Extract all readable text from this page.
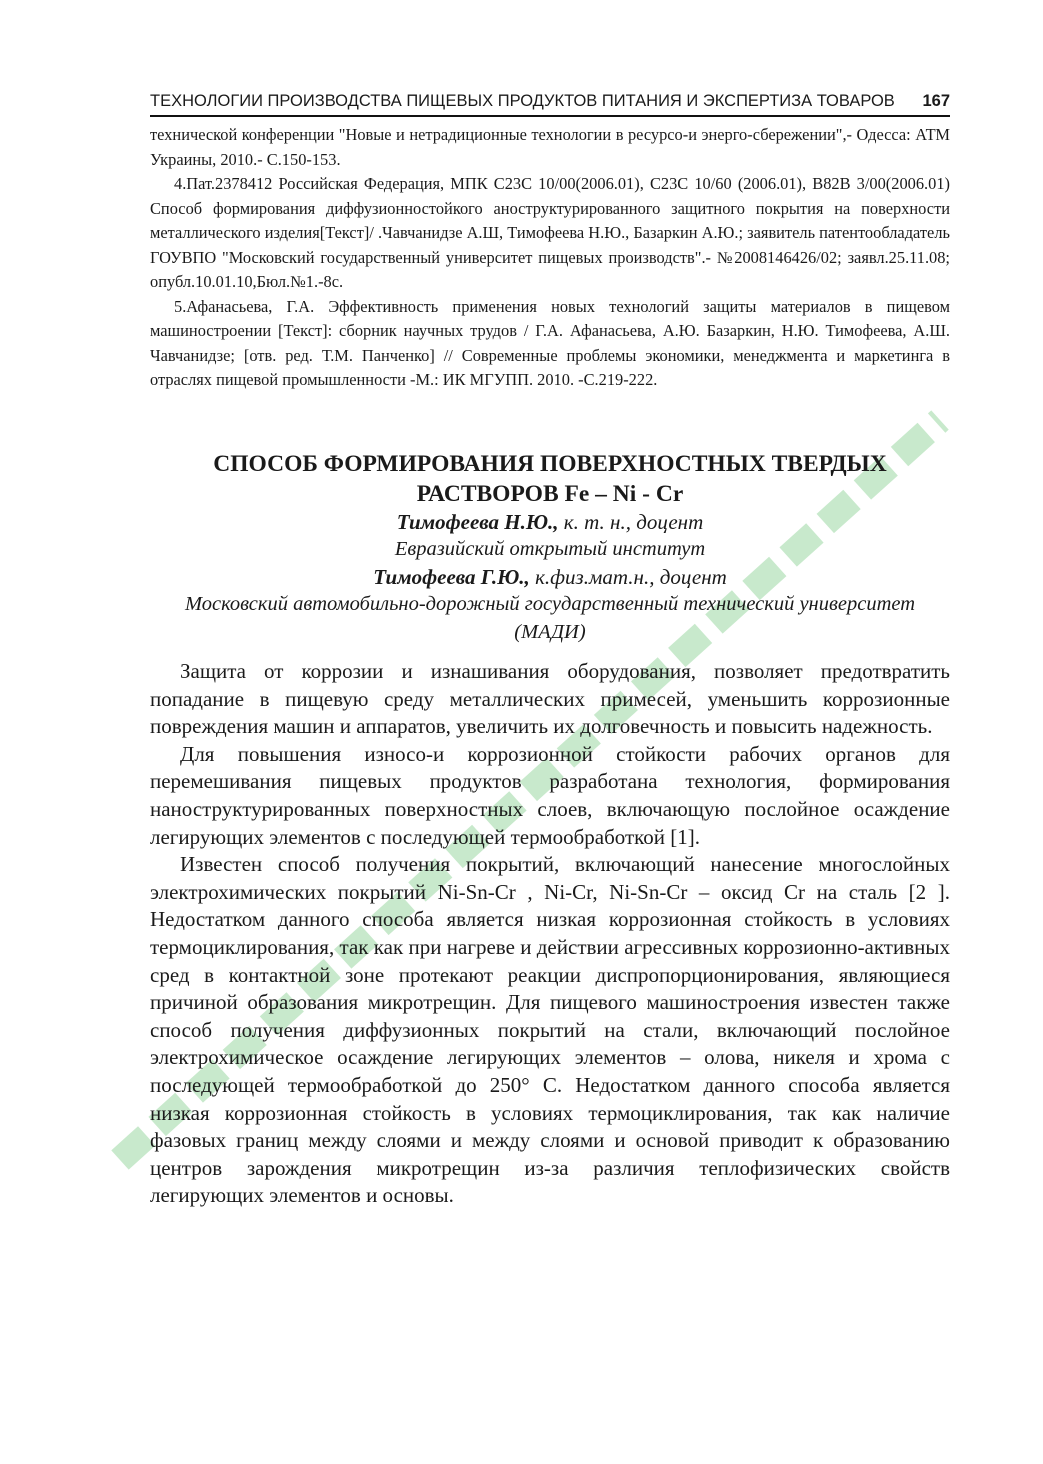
ТЕХНОЛОГИИ ПРОИЗВОДСТВА ПИЩЕВЫХ ПРОДУКТОВ ПИТАНИЯ И ЭКСПЕРТИЗА ТОВАРОВ 167

технической конференции "Новые и нетрадиционные технологии в ресурсо-и энерго-сбережении",- Одесса: АТМ Украины, 2010.- С.150-153.

4.Пат.2378412 Российская Федерация, МПК C23C 10/00(2006.01), C23C 10/60 (2006.01), B82B 3/00(2006.01) Способ формирования диффузионностойкого аноструктурированного защитного покрытия на поверхности металлического изделия[Текст]/ .Чавчанидзе А.Ш, Тимофеева Н.Ю., Базаркин А.Ю.; заявитель патентообладатель ГОУВПО "Московский государственный университет пищевых производств".- №2008146426/02; заявл.25.11.08; опубл.10.01.10,Бюл.№1.-8с.

5.Афанасьева, Г.А. Эффективность применения новых технологий защиты материалов в пищевом машиностроении [Текст]: сборник научных трудов / Г.А. Афанасьева, А.Ю. Базаркин, Н.Ю. Тимофеева, А.Ш. Чавчанидзе; [отв. ред. Т.М. Панченко] // Современные проблемы экономики, менеджмента и маркетинга в отраслях пищевой промышленности -М.: ИК МГУПП. 2010. -С.219-222.

СПОСОБ ФОРМИРОВАНИЯ ПОВЕРХНОСТНЫХ ТВЕРДЫХ
РАСТВОРОВ Fe – Ni - Cr
Тимофеева Н.Ю., к. т. н., доцент
Евразийский открытый институт
Тимофеева Г.Ю., к.физ.мат.н., доцент
Московский автомобильно-дорожный государственный технический университет (МАДИ)

Защита от коррозии и изнашивания оборудования, позволяет предотвратить попадание в пищевую среду металлических примесей, уменьшить коррозионные повреждения машин и аппаратов, увеличить их долговечность и повысить надежность.

Для повышения износо-и коррозионной стойкости рабочих органов для перемешивания пищевых продуктов разработана технология, формирования наноструктурированных поверхностных слоев, включающую послойное осаждение легирующих элементов с последующей термообработкой [1].

Известен способ получения покрытий, включающий нанесение многослойных электрохимических покрытий Ni-Sn-Cr , Ni-Cr, Ni-Sn-Cr – оксид Cr на сталь [2 ]. Недостатком данного способа является низкая коррозионная стойкость в условиях термоциклирования, так как при нагреве и действии агрессивных коррозионно-активных сред в контактной зоне протекают реакции диспропорционирования, являющиеся причиной образования микротрещин. Для пищевого машиностроения известен также способ получения диффузионных покрытий на стали, включающий послойное электрохимическое осаждение легирующих элементов – олова, никеля и хрома с последующей термообработкой до 250° С. Недостатком данного способа является низкая коррозионная стойкость в условиях термоциклирования, так как наличие фазовых границ между слоями и между слоями и основой приводит к образованию центров зарождения микротрещин из-за различия теплофизических свойств легирующих элементов и основы.
